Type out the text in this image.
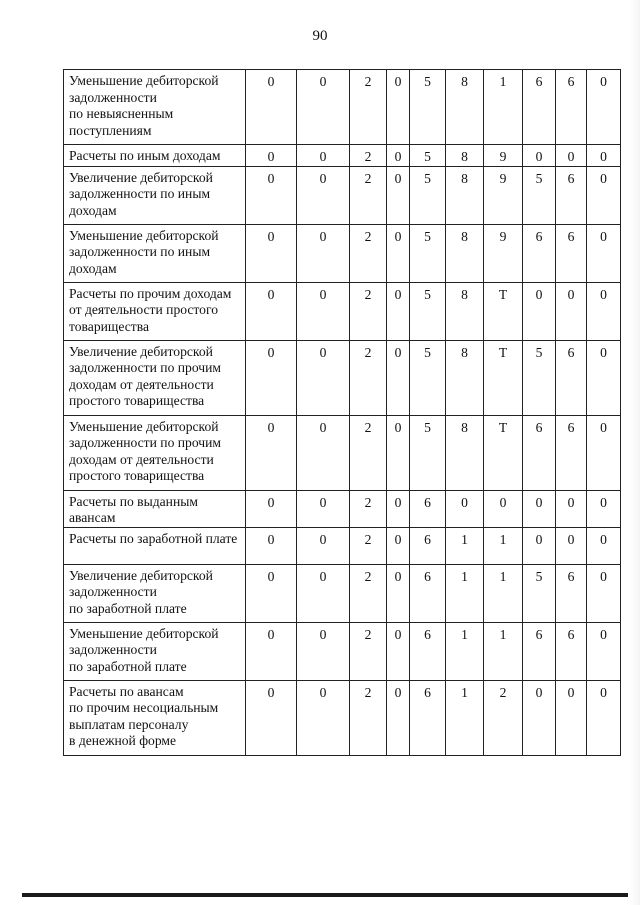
90
Уменьшение дебиторской задолженности
по невыясненным поступлениям	0	0	2	0	5	8	1	6	6	0
Расчеты по иным доходам	0	0	2	0	5	8	9	0	0	0
Увеличение дебиторской задолженности по иным доходам	0	0	2	0	5	8	9	5	6	0
Уменьшение дебиторской задолженности по иным доходам	0	0	2	0	5	8	9	6	6	0
Расчеты по прочим доходам от деятельности простого товарищества	0	0	2	0	5	8	Т	0	0	0
Увеличение дебиторской задолженности по прочим доходам от деятельности простого товарищества	0	0	2	0	5	8	Т	5	6	0
Уменьшение дебиторской задолженности по прочим доходам от деятельности простого товарищества	0	0	2	0	5	8	Т	6	6	0
Расчеты по выданным авансам	0	0	2	0	6	0	0	0	0	0
Расчеты по заработной плате	0	0	2	0	6	1	1	0	0	0
Увеличение дебиторской задолженности
по заработной плате	0	0	2	0	6	1	1	5	6	0
Уменьшение дебиторской задолженности
по заработной плате	0	0	2	0	6	1	1	6	6	0
Расчеты по авансам
по прочим несоциальным выплатам персоналу
в денежной форме	0	0	2	0	6	1	2	0	0	0
